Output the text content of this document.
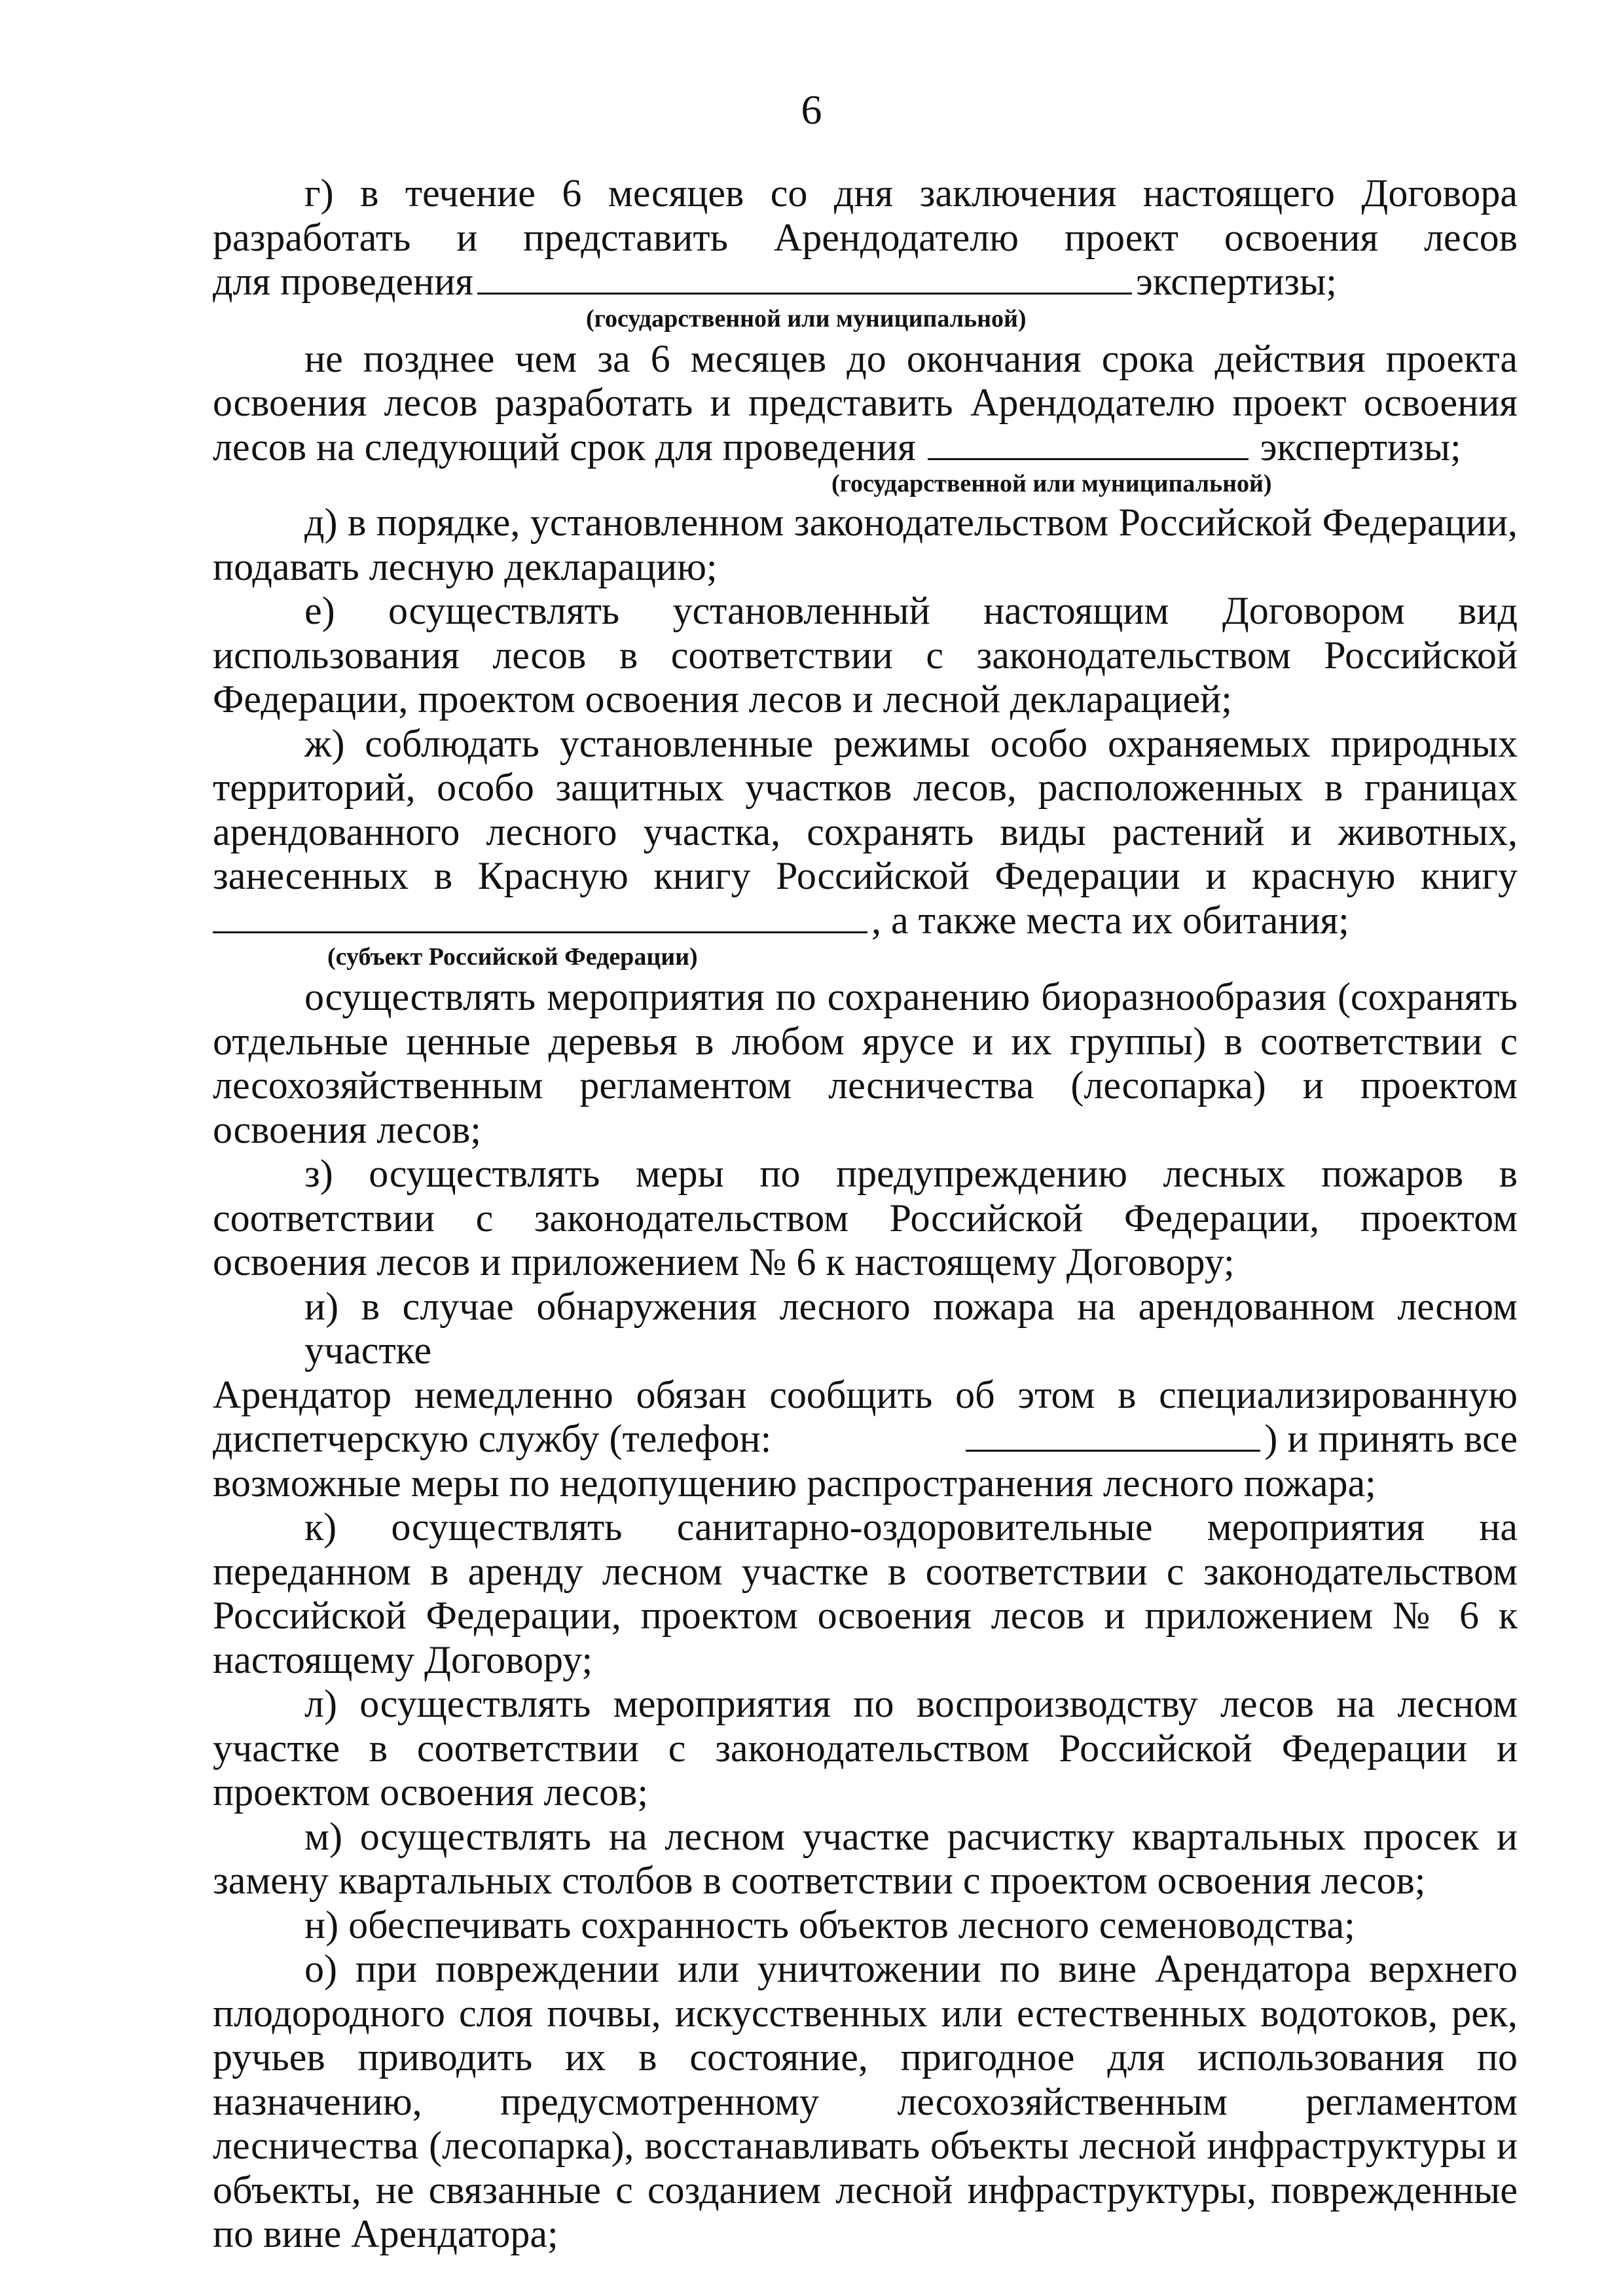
6
г) в течение 6 месяцев со дня заключения настоящего Договора
разработать и представить Арендодателю проект освоения лесов
для проведения	экспертизы;
(государственной или муниципальной)
не позднее чем за 6 месяцев до окончания срока действия проекта
освоения лесов разработать и представить Арендодателю проект освоения
лесов на следующий срок для проведения	экспертизы;
(государственной или муниципальной)

д) в порядке, установленном законодательством Российской Федерации, подавать лесную декларацию;

е) осуществлять установленный настоящим Договором вид использования лесов в соответствии с законодательством Российской Федерации, проектом освоения лесов и лесной декларацией;

ж) соблюдать установленные режимы особо охраняемых природных
территорий, особо защитных участков лесов, расположенных в границах
арендованного лесного участка, сохранять виды растений и животных,
занесенных в Красную книгу Российской Федерации и красную книгу
, а также места их обитания;
(субъект Российской Федерации)

осуществлять мероприятия по сохранению биоразнообразия (сохранять отдельные ценные деревья в любом ярусе и их группы) в соответствии с лесохозяйственным регламентом лесничества (лесопарка) и проектом освоения лесов;

з) осуществлять меры по предупреждению лесных пожаров в соответствии с законодательством Российской Федерации, проектом освоения лесов и приложением № 6 к настоящему Договору;

и) в случае обнаружения лесного пожара на арендованном лесном участке
Арендатор немедленно обязан сообщить об этом в специализированную
диспетчерскую службу (телефон:	) и принять все
возможные меры по недопущению распространения лесного пожара;

к) осуществлять санитарно-оздоровительные мероприятия на переданном в аренду лесном участке в соответствии с законодательством Российской Федерации, проектом освоения лесов и приложением № 6 к настоящему Договору;

л) осуществлять мероприятия по воспроизводству лесов на лесном участке в соответствии с законодательством Российской Федерации и проектом освоения лесов;

м) осуществлять на лесном участке расчистку квартальных просек и замену квартальных столбов в соответствии с проектом освоения лесов;

н) обеспечивать сохранность объектов лесного семеноводства;

о) при повреждении или уничтожении по вине Арендатора верхнего плодородного слоя почвы, искусственных или естественных водотоков, рек, ручьев приводить их в состояние, пригодное для использования по назначению, предусмотренному лесохозяйственным регламентом лесничества (лесопарка), восстанавливать объекты лесной инфраструктуры и объекты, не связанные с созданием лесной инфраструктуры, поврежденные по вине Арендатора;
